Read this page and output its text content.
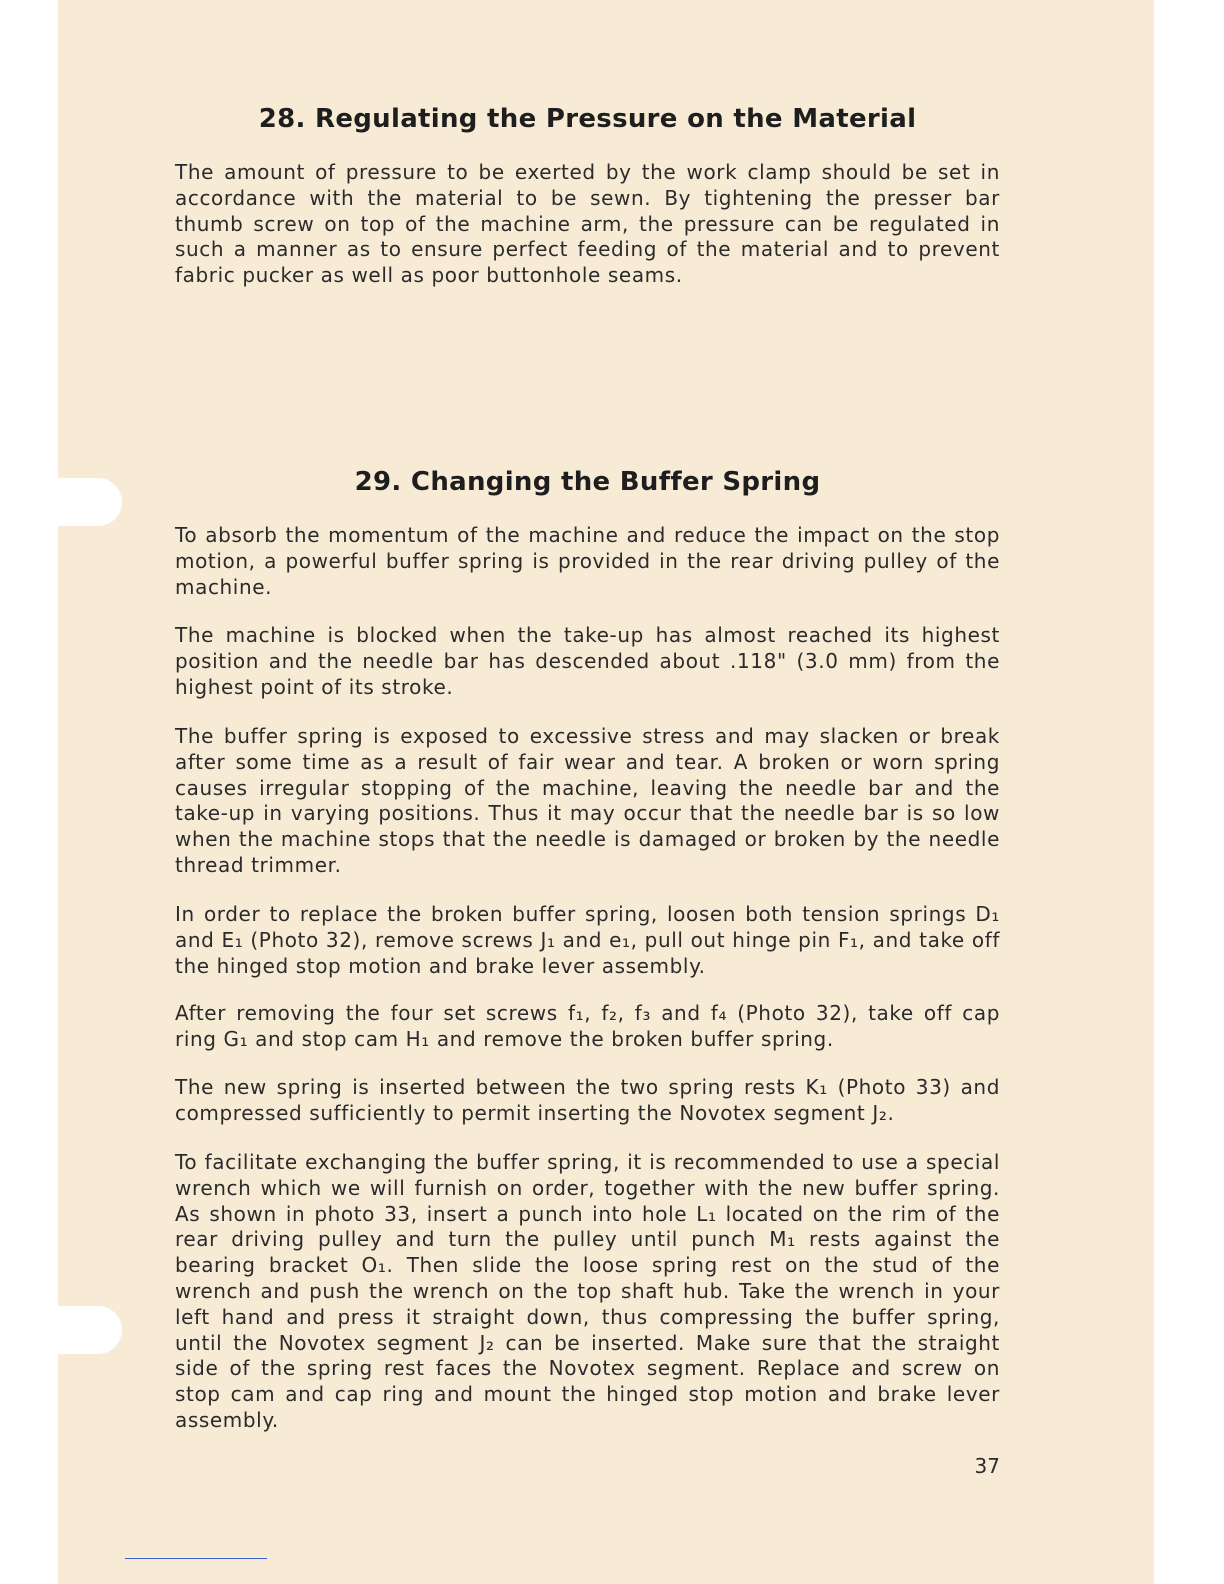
28. Regulating the Pressure on the Material

The amount of pressure to be exerted by the work clamp should be set in accordance with the material to be sewn. By tightening the presser bar thumb screw on top of the machine arm, the pressure can be regulated in such a manner as to ensure perfect feeding of the material and to prevent fabric pucker as well as poor buttonhole seams.

29. Changing the Buffer Spring

To absorb the momentum of the machine and reduce the impact on the stop motion, a powerful buffer spring is provided in the rear driving pulley of the machine.

The machine is blocked when the take-up has almost reached its highest position and the needle bar has descended about .118" (3.0 mm) from the highest point of its stroke.

The buffer spring is exposed to excessive stress and may slacken or break after some time as a result of fair wear and tear. A broken or worn spring causes irregular stopping of the machine, leaving the needle bar and the take-up in varying positions. Thus it may occur that the needle bar is so low when the machine stops that the needle is damaged or broken by the needle thread trimmer.

In order to replace the broken buffer spring, loosen both tension springs D₁ and E₁ (Photo 32), remove screws J₁ and e₁, pull out hinge pin F₁, and take off the hinged stop motion and brake lever assembly.

After removing the four set screws f₁, f₂, f₃ and f₄ (Photo 32), take off cap ring G₁ and stop cam H₁ and remove the broken buffer spring.

The new spring is inserted between the two spring rests K₁ (Photo 33) and compressed sufficiently to permit inserting the Novotex segment J₂.

To facilitate exchanging the buffer spring, it is recommended to use a special wrench which we will furnish on order, together with the new buffer spring. As shown in photo 33, insert a punch into hole L₁ located on the rim of the rear driving pulley and turn the pulley until punch M₁ rests against the bearing bracket O₁. Then slide the loose spring rest on the stud of the wrench and push the wrench on the top shaft hub. Take the wrench in your left hand and press it straight down, thus compressing the buffer spring, until the Novotex segment J₂ can be inserted. Make sure that the straight side of the spring rest faces the Novotex segment. Replace and screw on stop cam and cap ring and mount the hinged stop motion and brake lever assembly.

37
